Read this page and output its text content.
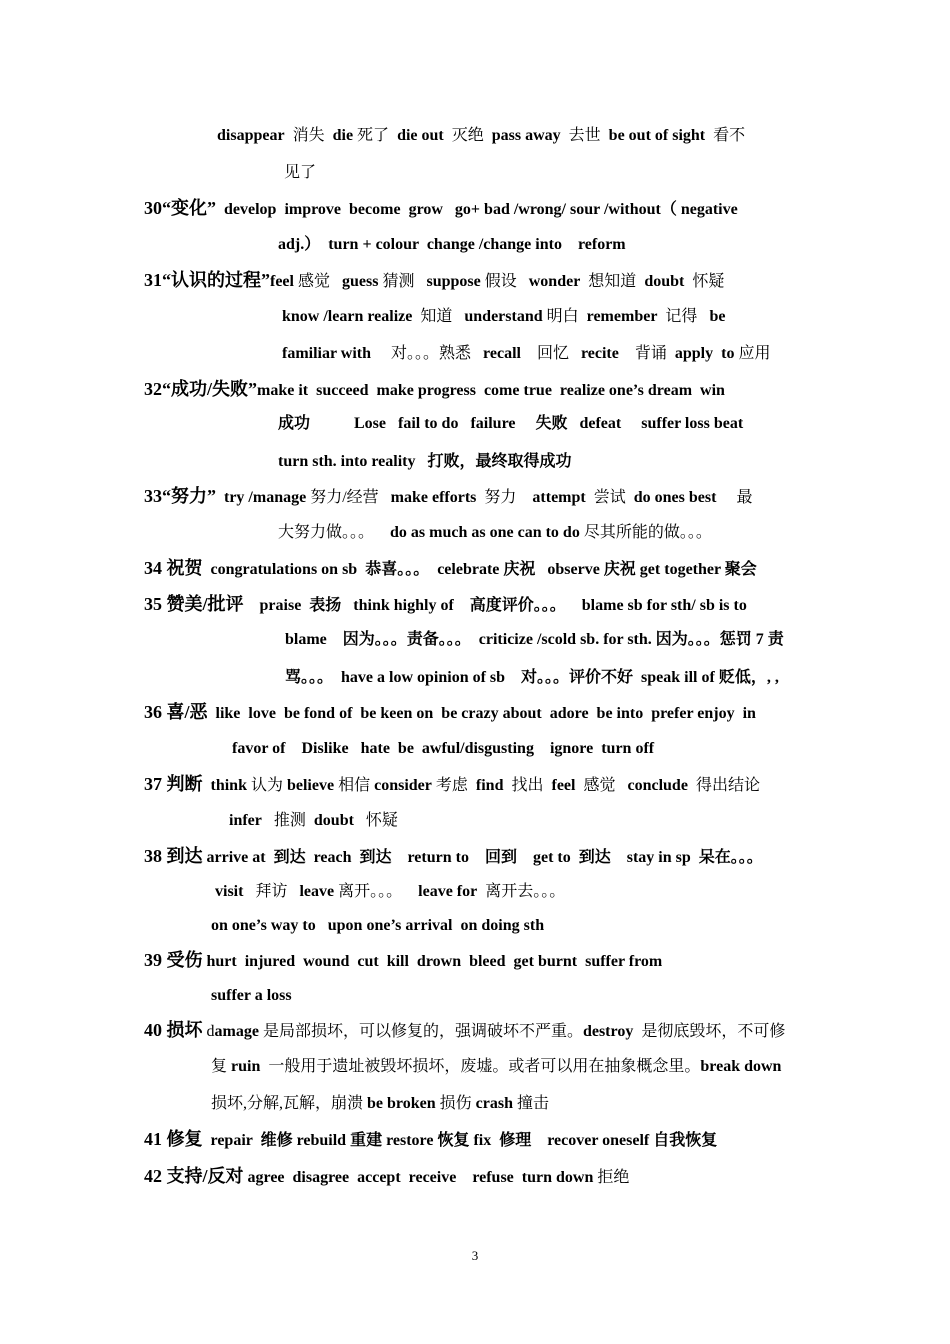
disappear  消失  die 死了  die out  灭绝  pass away  去世  be out of sight  看不
见了
30“变化”  develop  improve  become  grow   go+ bad /wrong/ sour /without（ negative
adj.）  turn + colour  change /change into    reform
31“认识的过程”feel 感觉   guess 猜测   suppose 假设   wonder  想知道  doubt  怀疑
know /learn realize  知道   understand 明白  remember  记得   be
familiar with     对。。。熟悉   recall    回忆   recite    背诵  apply  to 应用
32“成功/失败”make it  succeed  make progress  come true  realize one’s dream  win
成功           Lose   fail to do   failure     失败   defeat     suffer loss beat
turn sth. into reality   打败，最终取得成功
33“努力”  try /manage 努力/经营   make efforts  努力    attempt  尝试  do ones best     最
大努力做。。。    do as much as one can to do 尽其所能的做。。。
34 祝贺  congratulations on sb  恭喜。。。  celebrate 庆祝   observe 庆祝 get together 聚会
35 赞美/批评    praise  表扬   think highly of    高度评价。。。    blame sb for sth/ sb is to
blame    因为。。。责备。。。  criticize /scold sb. for sth. 因为。。。惩罚 7 责
骂。。。  have a low opinion of sb    对。。。评价不好  speak ill of 贬低，, ,
36 喜/恶  like  love  be fond of  be keen on  be crazy about  adore  be into  prefer enjoy  in
favor of    Dislike   hate  be  awful/disgusting    ignore  turn off
37 判断  think 认为 believe 相信 consider 考虑  find  找出  feel  感觉   conclude  得出结论
infer   推测  doubt   怀疑
38 到达 arrive at  到达  reach  到达    return to    回到    get to  到达    stay in sp  呆在。。。
visit   拜访   leave 离开。。。    leave for  离开去。。。
on one’s way to   upon one’s arrival  on doing sth
39 受伤 hurt  injured  wound  cut  kill  drown  bleed  get burnt  suffer from
suffer a loss
40 损坏 damage 是局部损坏，可以修复的，强调破坏不严重。destroy  是彻底毁坏，不可修
复 ruin  一般用于遗址被毁坏损坏，废墟。或者可以用在抽象概念里。break down
损坏,分解,瓦解，崩溃 be broken 损伤 crash 撞击
41 修复  repair  维修 rebuild 重建 restore 恢复 fix  修理    recover oneself 自我恢复
42 支持/反对 agree  disagree  accept  receive    refuse  turn down 拒绝
3
